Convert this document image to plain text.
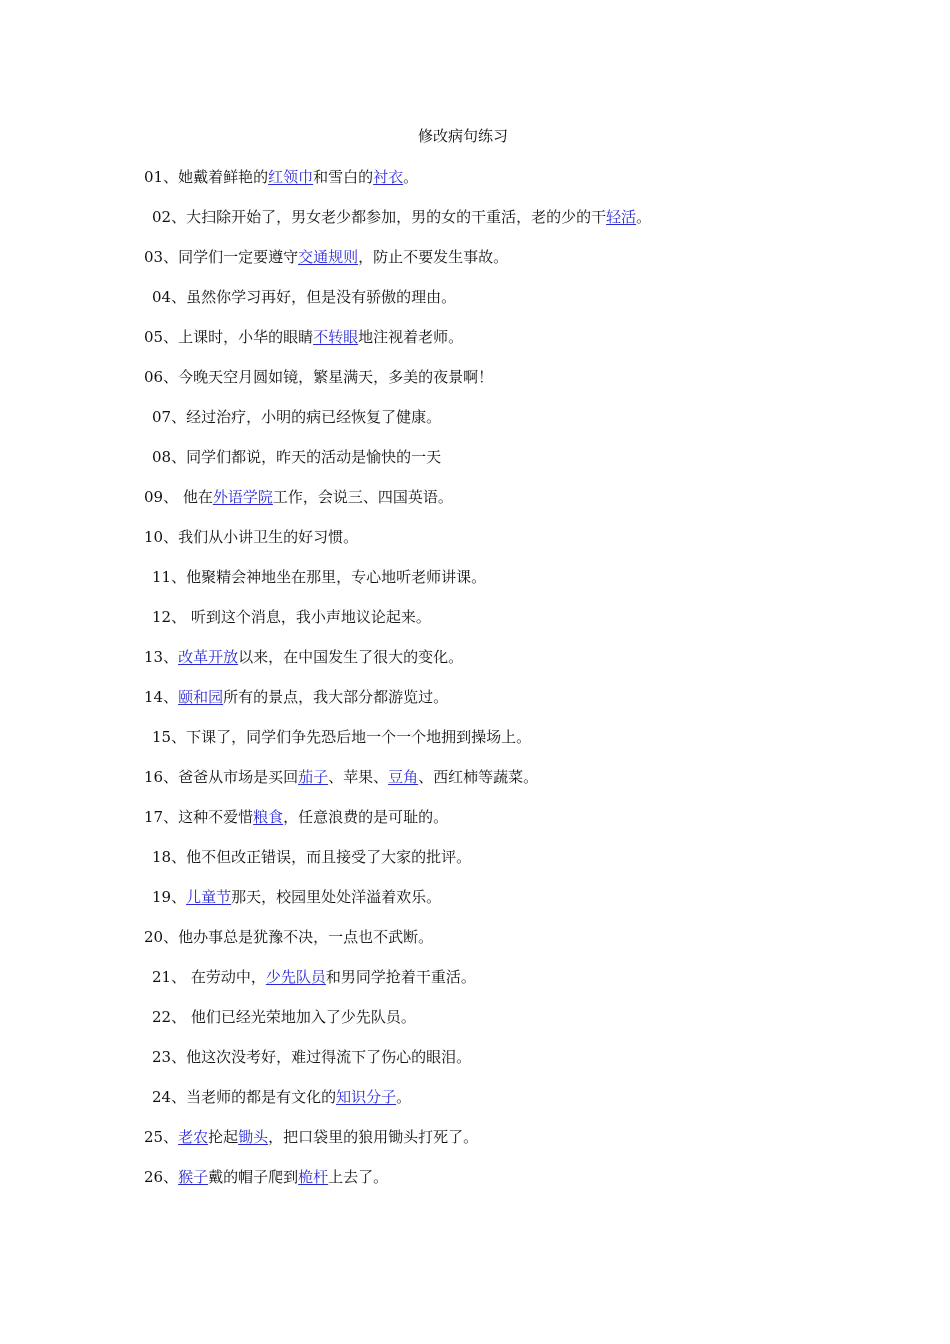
修改病句练习
01、她戴着鲜艳的红领巾和雪白的衬衣。
02、大扫除开始了，男女老少都参加，男的女的干重活，老的少的干轻活。
03、同学们一定要遵守交通规则，防止不要发生事故。
04、虽然你学习再好，但是没有骄傲的理由。
05、上课时，小华的眼睛不转眼地注视着老师。
06、今晚天空月圆如镜，繁星满天，多美的夜景啊！
07、经过治疗，小明的病已经恢复了健康。
08、同学们都说，昨天的活动是愉快的一天
09、 他在外语学院工作，会说三、四国英语。
10、我们从小讲卫生的好习惯。
11、他聚精会神地坐在那里，专心地听老师讲课。
12、 听到这个消息，我小声地议论起来。
13、改革开放以来，在中国发生了很大的变化。
14、颐和园所有的景点，我大部分都游览过。
15、下课了，同学们争先恐后地一个一个地拥到操场上。
16、爸爸从市场是买回茄子、苹果、豆角、西红柿等蔬菜。
17、这种不爱惜粮食，任意浪费的是可耻的。
18、他不但改正错误，而且接受了大家的批评。
19、儿童节那天，校园里处处洋溢着欢乐。
20、他办事总是犹豫不决，一点也不武断。
21、 在劳动中，少先队员和男同学抢着干重活。
22、 他们已经光荣地加入了少先队员。
23、他这次没考好，难过得流下了伤心的眼泪。
24、当老师的都是有文化的知识分子。
25、老农抡起锄头，把口袋里的狼用锄头打死了。
26、猴子戴的帽子爬到桅杆上去了。
